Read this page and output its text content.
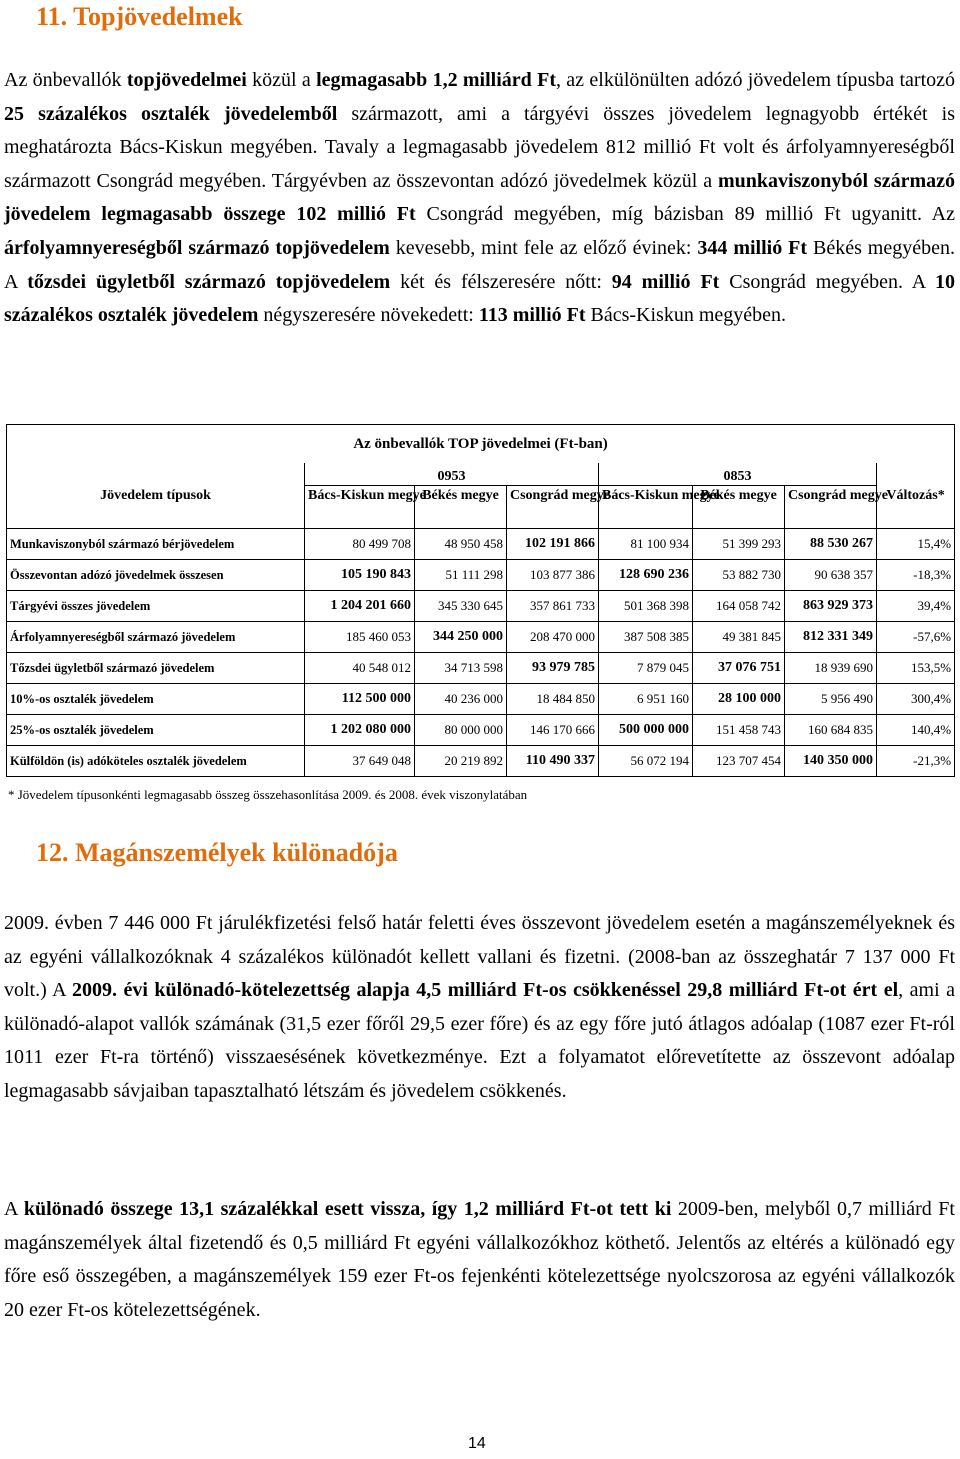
11. Topjövedelmek

Az önbevallók topjövedelmei közül a legmagasabb 1,2 milliárd Ft, az elkülönülten adózó jövedelem típusba tartozó 25 százalékos osztalék jövedelemből származott, ami a tárgyévi összes jövedelem legnagyobb értékét is meghatározta Bács-Kiskun megyében. Tavaly a legmagasabb jövedelem 812 millió Ft volt és árfolyamnyereségből származott Csongrád megyében. Tárgyévben az összevontan adózó jövedelmek közül a munkaviszonyból származó jövedelem legmagasabb összege 102 millió Ft Csongrád megyében, míg bázisban 89 millió Ft ugyanitt. Az árfolyamnyereségből származó topjövedelem kevesebb, mint fele az előző évinek: 344 millió Ft Békés megyében. A tőzsdei ügyletből származó topjövedelem két és félszeresére nőtt: 94 millió Ft Csongrád megyében. A 10 százalékos osztalék jövedelem négyszeresére növekedett: 113 millió Ft Bács-Kiskun megyében.

Az önbevallók TOP jövedelmei (Ft-ban)							
Jövedelem típusok	0953			0853			Változás*
	Bács-Kiskun megye	Békés megye	Csongrád megye	Bács-Kiskun megye	Békés megye	Csongrád megye	
Munkaviszonyból származó bérjövedelem	80 499 708	48 950 458	102 191 866	81 100 934	51 399 293	88 530 267	15,4%
Összevontan adózó jövedelmek összesen	105 190 843	51 111 298	103 877 386	128 690 236	53 882 730	90 638 357	-18,3%
Tárgyévi összes jövedelem	1 204 201 660	345 330 645	357 861 733	501 368 398	164 058 742	863 929 373	39,4%
Árfolyamnyereségből származó jövedelem	185 460 053	344 250 000	208 470 000	387 508 385	49 381 845	812 331 349	-57,6%
Tőzsdei ügyletből származó jövedelem	40 548 012	34 713 598	93 979 785	7 879 045	37 076 751	18 939 690	153,5%
10%-os osztalék jövedelem	112 500 000	40 236 000	18 484 850	6 951 160	28 100 000	5 956 490	300,4%
25%-os osztalék jövedelem	1 202 080 000	80 000 000	146 170 666	500 000 000	151 458 743	160 684 835	140,4%
Külföldön (is) adóköteles osztalék jövedelem	37 649 048	20 219 892	110 490 337	56 072 194	123 707 454	140 350 000	-21,3%

* Jövedelem típusonkénti legmagasabb összeg összehasonlítása 2009. és 2008. évek viszonylatában

12. Magánszemélyek különadója

2009. évben 7 446 000 Ft járulékfizetési felső határ feletti éves összevont jövedelem esetén a magánszemélyeknek és az egyéni vállalkozóknak 4 százalékos különadót kellett vallani és fizetni. (2008-ban az összeghatár 7 137 000 Ft volt.) A 2009. évi különadó-kötelezettség alapja 4,5 milliárd Ft-os csökkenéssel 29,8 milliárd Ft-ot ért el, ami a különadó-alapot vallók számának (31,5 ezer főről 29,5 ezer főre) és az egy főre jutó átlagos adóalap (1087 ezer Ft-ról 1011 ezer Ft-ra történő) visszaesésének következménye. Ezt a folyamatot előrevetítette az összevont adóalap legmagasabb sávjaiban tapasztalható létszám és jövedelem csökkenés.

A különadó összege 13,1 százalékkal esett vissza, így 1,2 milliárd Ft-ot tett ki 2009-ben, melyből 0,7 milliárd Ft magánszemélyek által fizetendő és 0,5 milliárd Ft egyéni vállalkozókhoz köthető. Jelentős az eltérés a különadó egy főre eső összegében, a magánszemélyek 159 ezer Ft-os fejenkénti kötelezettsége nyolcszorosa az egyéni vállalkozók 20 ezer Ft-os kötelezettségének.

14
